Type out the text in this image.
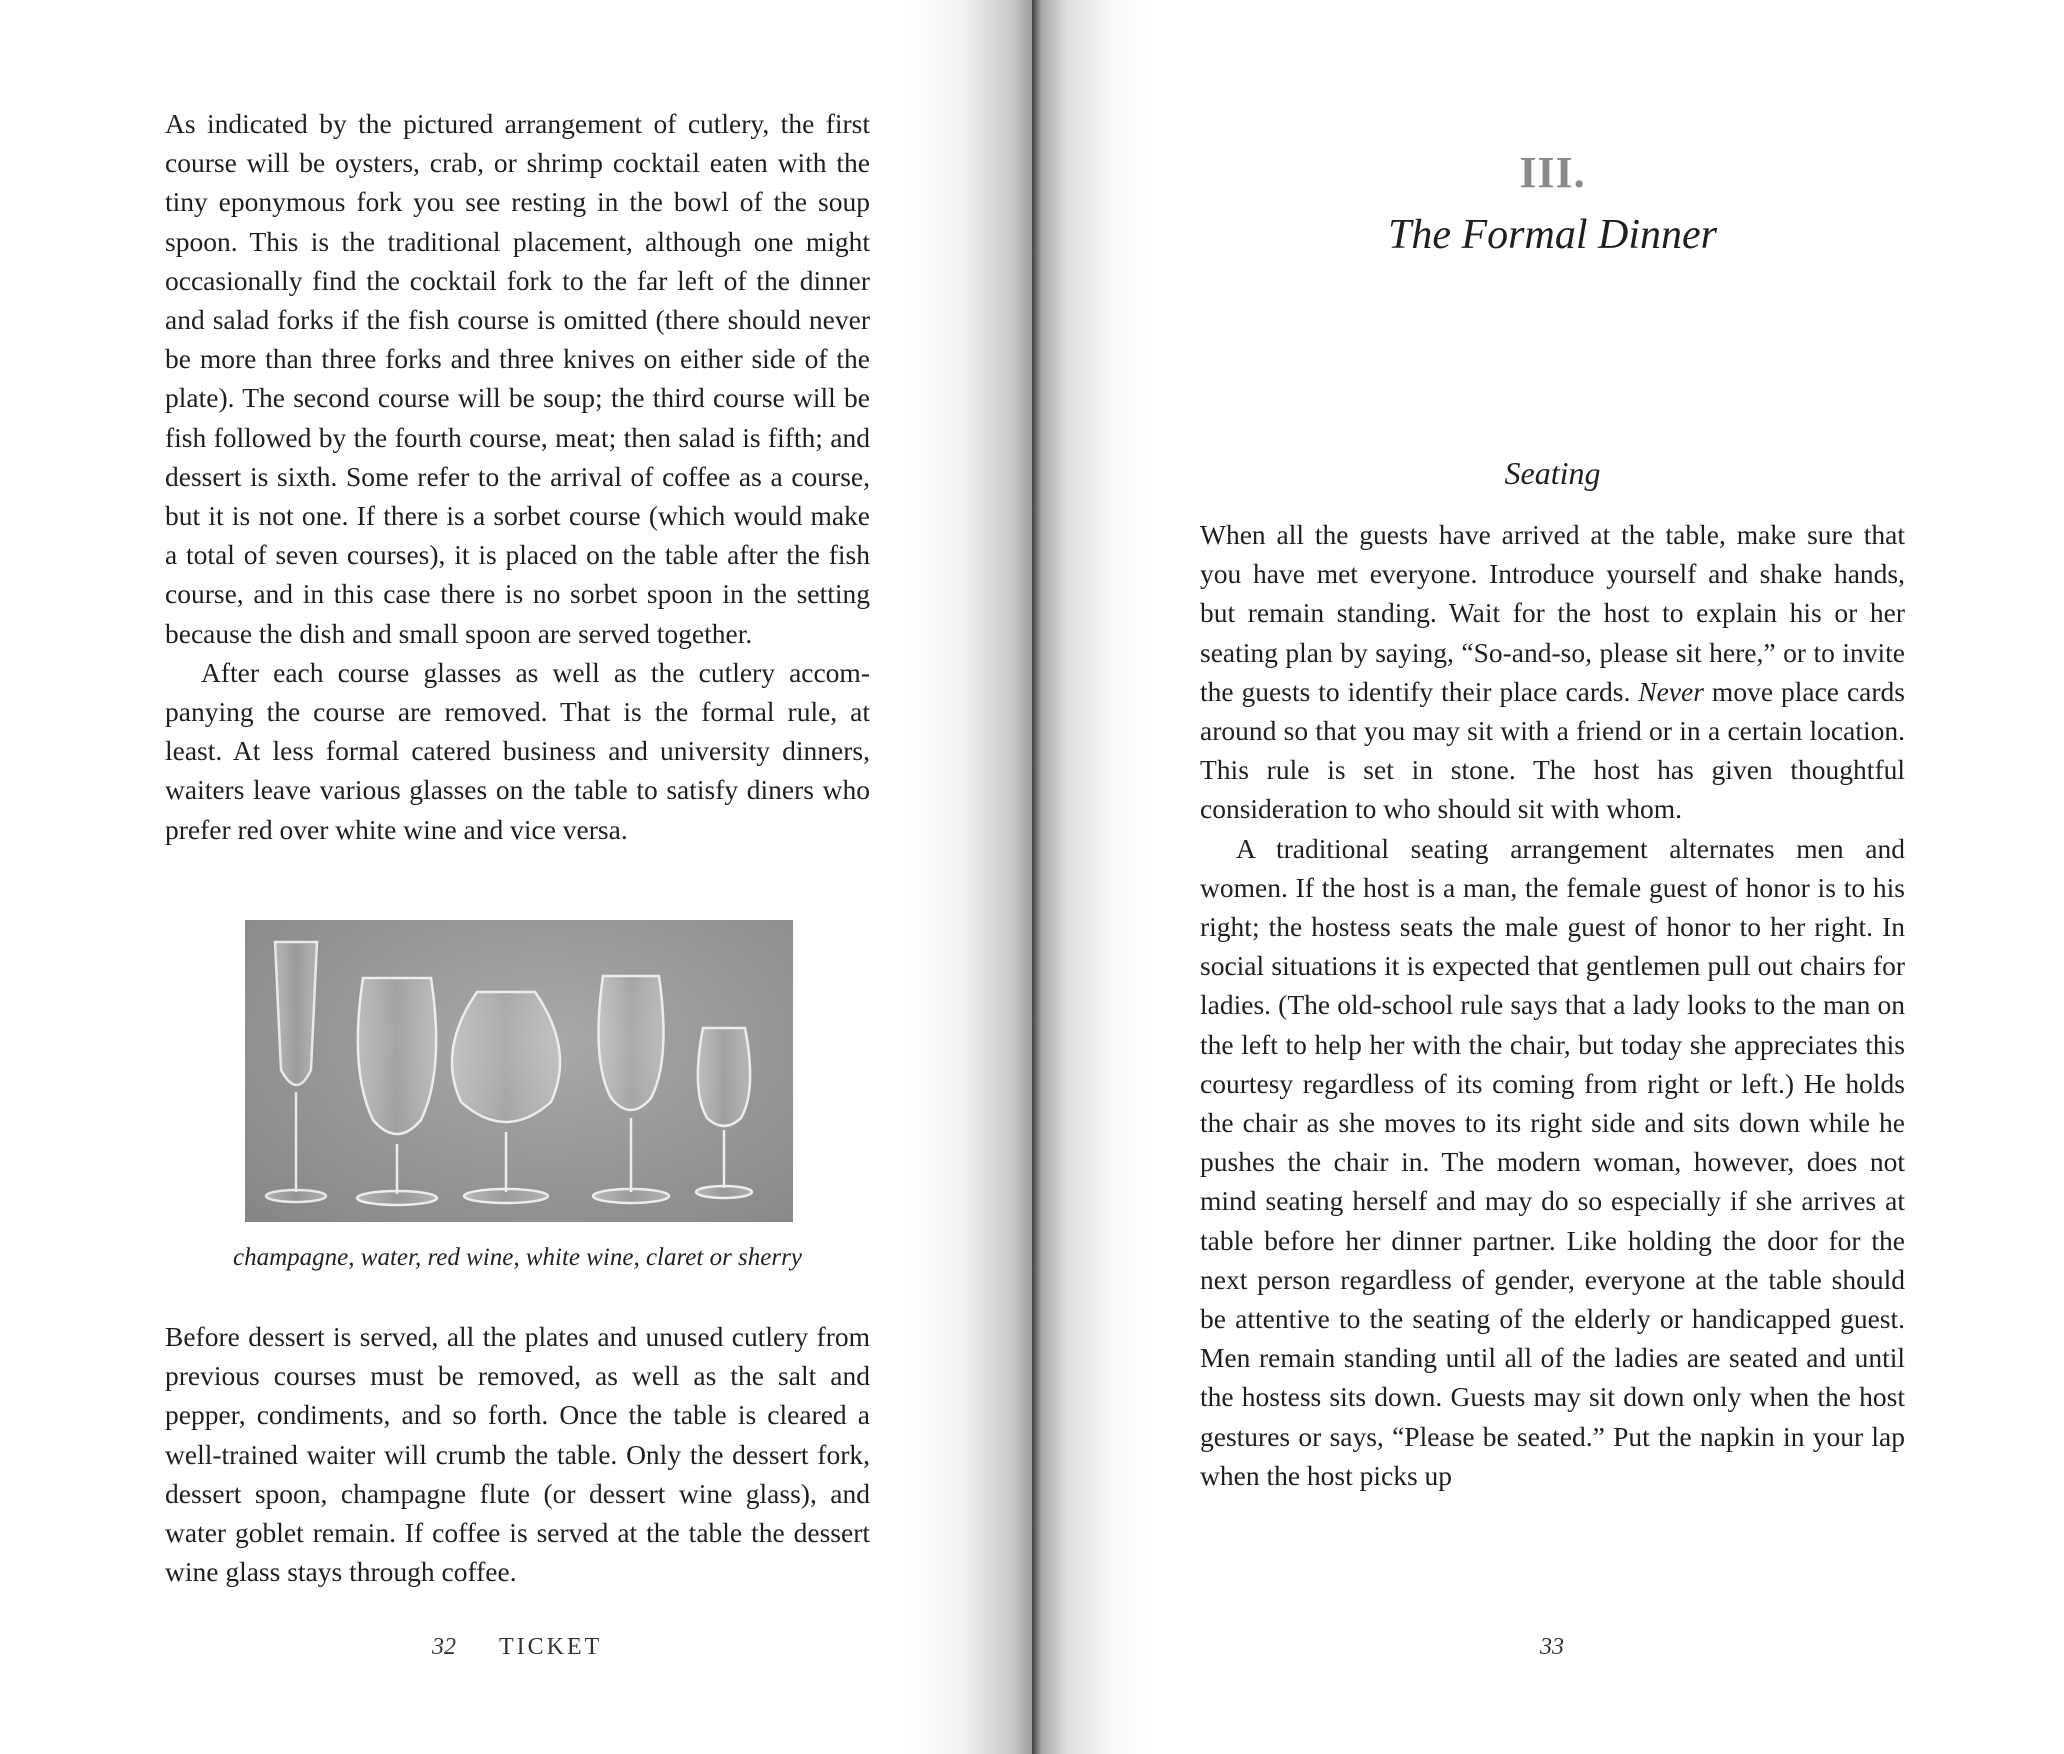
As indicated by the pictured arrangement of cutlery, the first course will be oysters, crab, or shrimp cocktail eaten with the tiny eponymous fork you see resting in the bowl of the soup spoon. This is the traditional placement, although one might occasionally find the cocktail fork to the far left of the dinner and salad forks if the fish course is omitted (there should never be more than three forks and three knives on either side of the plate). The second course will be soup; the third course will be fish followed by the fourth course, meat; then salad is fifth; and dessert is sixth. Some refer to the arrival of coffee as a course, but it is not one. If there is a sorbet course (which would make a total of seven courses), it is placed on the table after the fish course, and in this case there is no sorbet spoon in the setting because the dish and small spoon are served together.

After each course glasses as well as the cutlery accompanying the course are removed. That is the formal rule, at least. At less formal catered business and university dinners, waiters leave various glasses on the table to satisfy diners who prefer red over white wine and vice versa.

champagne, water, red wine, white wine, claret or sherry

Before dessert is served, all the plates and unused cutlery from previous courses must be removed, as well as the salt and pepper, condiments, and so forth. Once the table is cleared a well-trained waiter will crumb the table. Only the dessert fork, dessert spoon, champagne flute (or dessert wine glass), and water goblet remain. If coffee is served at the table the dessert wine glass stays through coffee.

32 TICKET
III.
The Formal Dinner
Seating

When all the guests have arrived at the table, make sure that you have met everyone. Introduce yourself and shake hands, but remain standing. Wait for the host to explain his or her seating plan by saying, “So-and-so, please sit here,” or to invite the guests to identify their place cards. Never move place cards around so that you may sit with a friend or in a certain location. This rule is set in stone. The host has given thoughtful consideration to who should sit with whom.

A traditional seating arrangement alternates men and women. If the host is a man, the female guest of honor is to his right; the hostess seats the male guest of honor to her right. In social situations it is expected that gentlemen pull out chairs for ladies. (The old-school rule says that a lady looks to the man on the left to help her with the chair, but today she appreciates this courtesy regardless of its coming from right or left.) He holds the chair as she moves to its right side and sits down while he pushes the chair in. The modern woman, however, does not mind seating herself and may do so especially if she arrives at table before her dinner partner. Like holding the door for the next person regardless of gender, everyone at the table should be attentive to the seating of the elderly or handicapped guest. Men remain standing until all of the ladies are seated and until the hostess sits down. Guests may sit down only when the host gestures or says, “Please be seated.” Put the napkin in your lap when the host picks up

33
